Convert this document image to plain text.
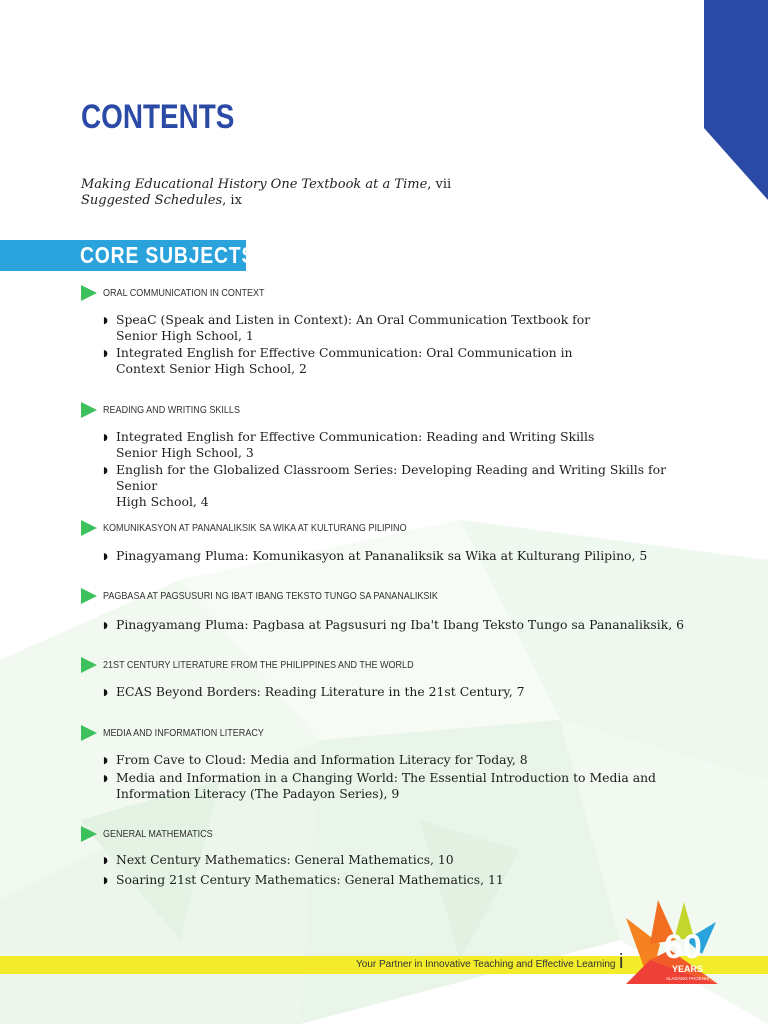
CONTENTS
Making Educational History One Textbook at a Time, vii
Suggested Schedules, ix
CORE SUBJECTS
ORAL COMMUNICATION IN CONTEXT
◗ SpeaC (Speak and Listen in Context): An Oral Communication Textbook for
Senior High School, 1
◗ Integrated English for Effective Communication: Oral Communication in
Context Senior High School, 2
READING AND WRITING SKILLS
◗ Integrated English for Effective Communication: Reading and Writing Skills
Senior High School, 3
◗ English for the Globalized Classroom Series: Developing Reading and Writing Skills for Senior
High School, 4
KOMUNIKASYON AT PANANALIKSIK SA WIKA AT KULTURANG PILIPINO
◗ Pinagyamang Pluma: Komunikasyon at Pananaliksik sa Wika at Kulturang Pilipino, 5
PAGBASA AT PAGSUSURI NG IBA'T IBANG TEKSTO TUNGO SA PANANALIKSIK
◗ Pinagyamang Pluma: Pagbasa at Pagsusuri ng Iba't Ibang Teksto Tungo sa Pananaliksik, 6
21ST CENTURY LITERATURE FROM THE PHILIPPINES AND THE WORLD
◗ ECAS Beyond Borders: Reading Literature in the 21st Century, 7
MEDIA AND INFORMATION LITERACY
◗ From Cave to Cloud: Media and Information Literacy for Today, 8
◗ Media and Information in a Changing World: The Essential Introduction to Media and
Information Literacy (The Padayon Series), 9
GENERAL MATHEMATICS
◗ Next Century Mathematics: General Mathematics, 10
◗ Soaring 21st Century Mathematics: General Mathematics, 11
Your Partner in Innovative Teaching and Effective Learning i 60
YEARS
ALAGANG PHOENIX
